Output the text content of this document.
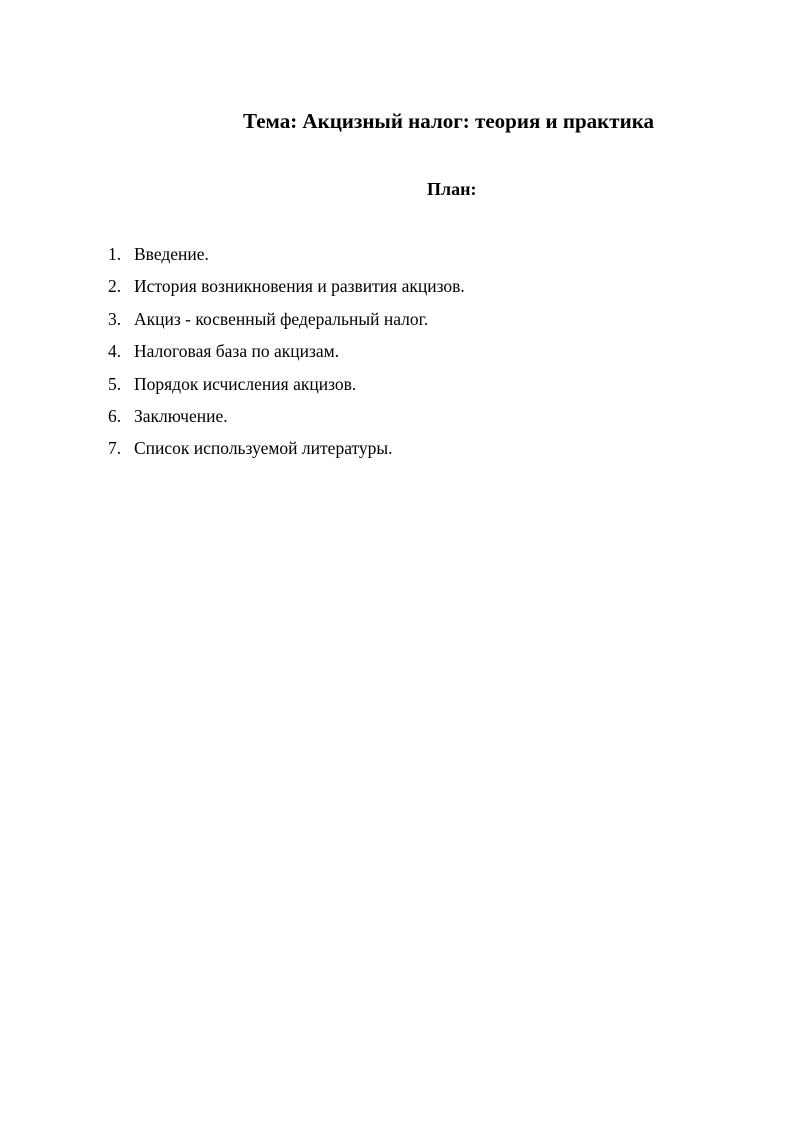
Тема: Акцизный налог: теория и практика
План:
1. Введение.
2. История возникновения и развития акцизов.
3. Акциз - косвенный федеральный налог.
4. Налоговая база по акцизам.
5. Порядок исчисления акцизов.
6. Заключение.
7. Список используемой литературы.
